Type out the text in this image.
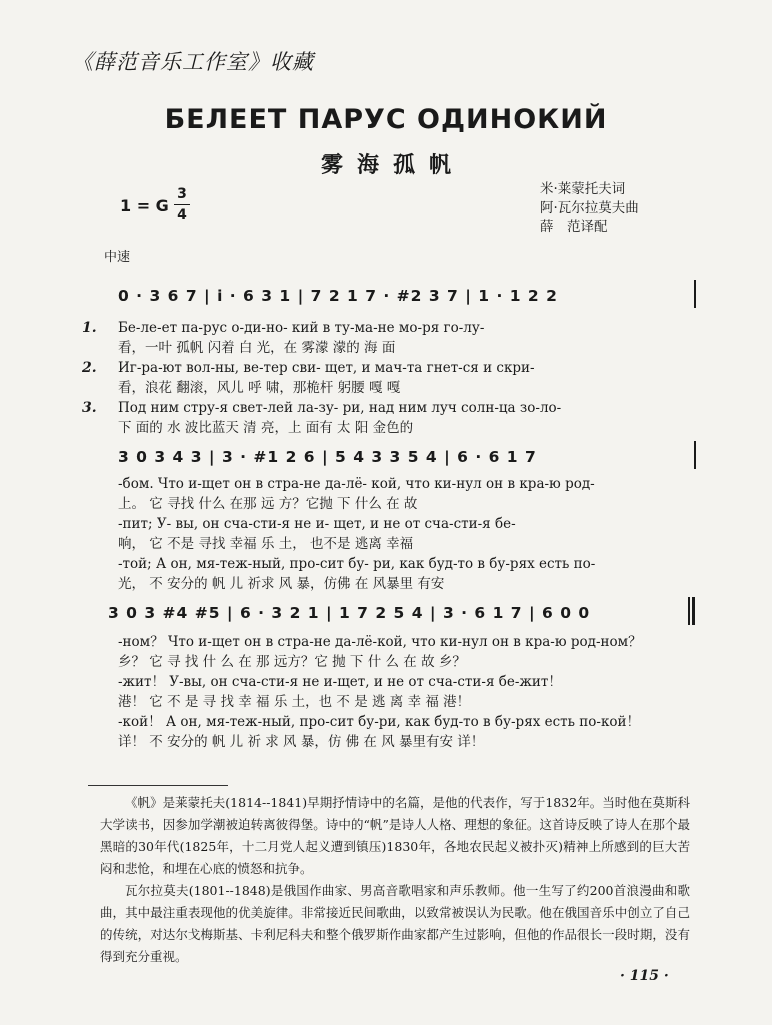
《薛范音乐工作室》收藏
БЕЛЕЕТ ПАРУС ОДИНОКИЙ
雾海孤帆
1 = G
3
4
米·莱蒙托夫词
阿·瓦尔拉莫夫曲
薛　范译配
中速
0 · 3 6 7 | i · 6 3 1 | 7 2 1 7 · #2 3 7 | 1 · 1 2 2
1. Бе-ле-ет па-рус о-ди-но- кий в ту-ма-не мо-ря го-лу-
看，一叶 孤帆 闪着 白 光，在 雾濛 濛的 海 面
2. Иг-ра-ют вол-ны, ве-тер сви- щет, и мач-та гнет-ся и скри-
看，浪花 翻滚，风儿 呼 啸，那桅杆 躬腰 嘎 嘎
3. Под ним стру-я свет-лей ла-зу- ри, над ним луч солн-ца зо-ло-
下 面的 水 波比蓝天 清 亮，上 面有 太 阳 金色的
3 0 3 4 3 | 3 · #1 2 6 | 5 4 3 3 5 4 | 6 · 6 1 7
-бом. Что и-щет он в стра-не да-лё- кой, что ки-нул он в кра-ю род-
上。 它 寻找 什么 在那 远 方？它抛 下 什么 在 故
-пит; У- вы, он сча-сти-я не и- щет, и не от сча-сти-я бе-
响， 它 不是 寻找 幸福 乐 土， 也不是 逃离 幸福
-той; А он, мя-теж-ный, про-сит бу- ри, как буд-то в бу-рях есть по-
光， 不 安分的 帆 儿 祈求 风 暴，仿佛 在 风暴里 有安
3 0 3 #4 #5 | 6 · 3 2 1 | 1 7 2 5 4 | 3 · 6 1 7 | 6 0 0
-ном？ Что и-щет он в стра-не да-лё-кой, что ки-нул он в кра-ю род-ном？
乡？ 它 寻 找 什 么 在 那 远方？它 抛 下 什 么 在 故 乡？
-жит！ У-вы, он сча-сти-я не и-щет, и не от сча-сти-я бе-жит！
港！ 它 不 是 寻 找 幸 福 乐 土，也 不 是 逃 离 幸 福 港！
-кой！ А он, мя-теж-ный, про-сит бу-ри, как буд-то в бу-рях есть по-кой！
详！ 不 安分的 帆 儿 祈 求 风 暴，仿 佛 在 风 暴里有安 详！

《帆》是莱蒙托夫(1814--1841)早期抒情诗中的名篇，是他的代表作，写于1832年。当时他在莫斯科大学读书，因参加学潮被迫转离彼得堡。诗中的“帆”是诗人人格、理想的象征。这首诗反映了诗人在那个最黑暗的30年代(1825年，十二月党人起义遭到镇压)1830年，各地农民起义被扑灭)精神上所感到的巨大苦闷和悲怆，和埋在心底的愤怒和抗争。

瓦尔拉莫夫(1801--1848)是俄国作曲家、男高音歌唱家和声乐教师。他一生写了约200首浪漫曲和歌曲，其中最注重表现他的优美旋律。非常接近民间歌曲，以致常被误认为民歌。他在俄国音乐中创立了自己的传统，对达尔戈梅斯基、卡利尼科夫和整个俄罗斯作曲家都产生过影响，但他的作品很长一段时期，没有得到充分重视。

· 115 ·
